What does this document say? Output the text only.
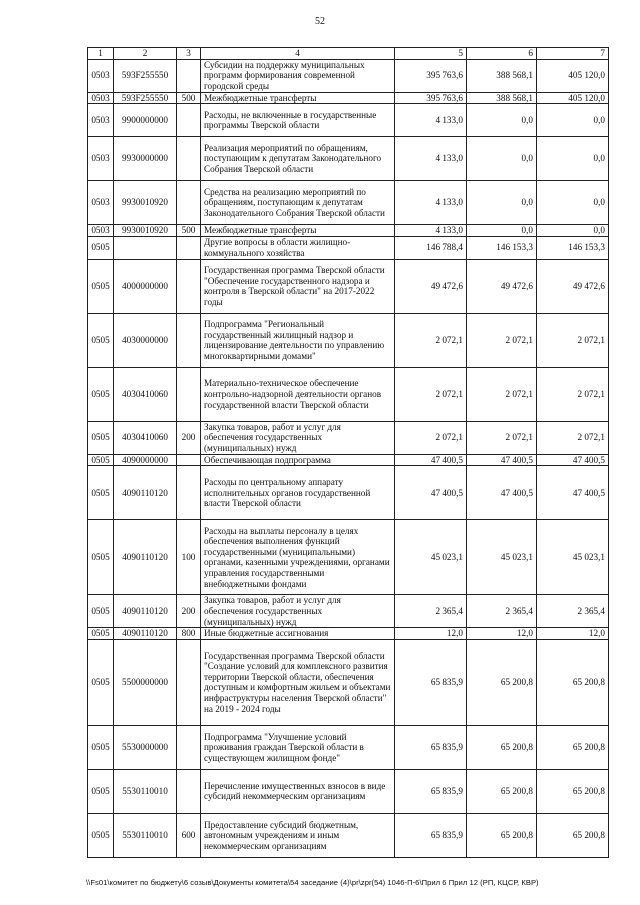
52
1	2	3	4	5	6	7
0503	593F255550		Субсидии на поддержку муниципальных программ формирования современной городской среды	395 763,6	388 568,1	405 120,0
0503	593F255550	500	Межбюджетные трансферты	395 763,6	388 568,1	405 120,0
0503	9900000000		Расходы, не включенные в государственные программы Тверской области	4 133,0	0,0	0,0
0503	9930000000		Реализация мероприятий по обращениям, поступающим к депутатам Законодательного Собрания Тверской области	4 133,0	0,0	0,0
0503	9930010920		Средства на реализацию мероприятий по обращениям, поступающим к депутатам Законодательного Собрания Тверской области	4 133,0	0,0	0,0
0503	9930010920	500	Межбюджетные трансферты	4 133,0	0,0	0,0
0505			Другие вопросы в области жилищно-коммунального хозяйства	146 788,4	146 153,3	146 153,3
0505	4000000000		Государственная программа Тверской области "Обеспечение государственного надзора и контроля в Тверской области" на 2017-2022 годы	49 472,6	49 472,6	49 472,6
0505	4030000000		Подпрограмма "Региональный государственный жилищный надзор и лицензирование деятельности по управлению многоквартирными домами"	2 072,1	2 072,1	2 072,1
0505	4030410060		Материально-техническое обеспечение контрольно-надзорной деятельности органов государственной власти Тверской области	2 072,1	2 072,1	2 072,1
0505	4030410060	200	Закупка товаров, работ и услуг для обеспечения государственных (муниципальных) нужд	2 072,1	2 072,1	2 072,1
0505	4090000000		Обеспечивающая подпрограмма	47 400,5	47 400,5	47 400,5
0505	4090110120		Расходы по центральному аппарату исполнительных органов государственной власти Тверской области	47 400,5	47 400,5	47 400,5
0505	4090110120	100	Расходы на выплаты персоналу в целях обеспечения выполнения функций государственными (муниципальными) органами, казенными учреждениями, органами управления государственными внебюджетными фондами	45 023,1	45 023,1	45 023,1
0505	4090110120	200	Закупка товаров, работ и услуг для обеспечения государственных (муниципальных) нужд	2 365,4	2 365,4	2 365,4
0505	4090110120	800	Иные бюджетные ассигнования	12,0	12,0	12,0
0505	5500000000		Государственная программа Тверской области "Создание условий для комплексного развития территории Тверской области, обеспечения доступным и комфортным жильем и объектами инфраструктуры населения Тверской области" на 2019 - 2024 годы	65 835,9	65 200,8	65 200,8
0505	5530000000		Подпрограмма "Улучшение условий проживания граждан Тверской области в существующем жилищном фонде"	65 835,9	65 200,8	65 200,8
0505	5530110010		Перечисление имущественных взносов в виде субсидий некоммерческим организациям	65 835,9	65 200,8	65 200,8
0505	5530110010	600	Предоставление субсидий бюджетным, автономным учреждениям и иным некоммерческим организациям	65 835,9	65 200,8	65 200,8
\\Fs01\комитет по бюджету\6 созыв\Документы комитета\54 заседание (4)\pr\zpr(54) 1046-П-6\Прил 6 Прил 12 (РП, КЦСР, КВР)
